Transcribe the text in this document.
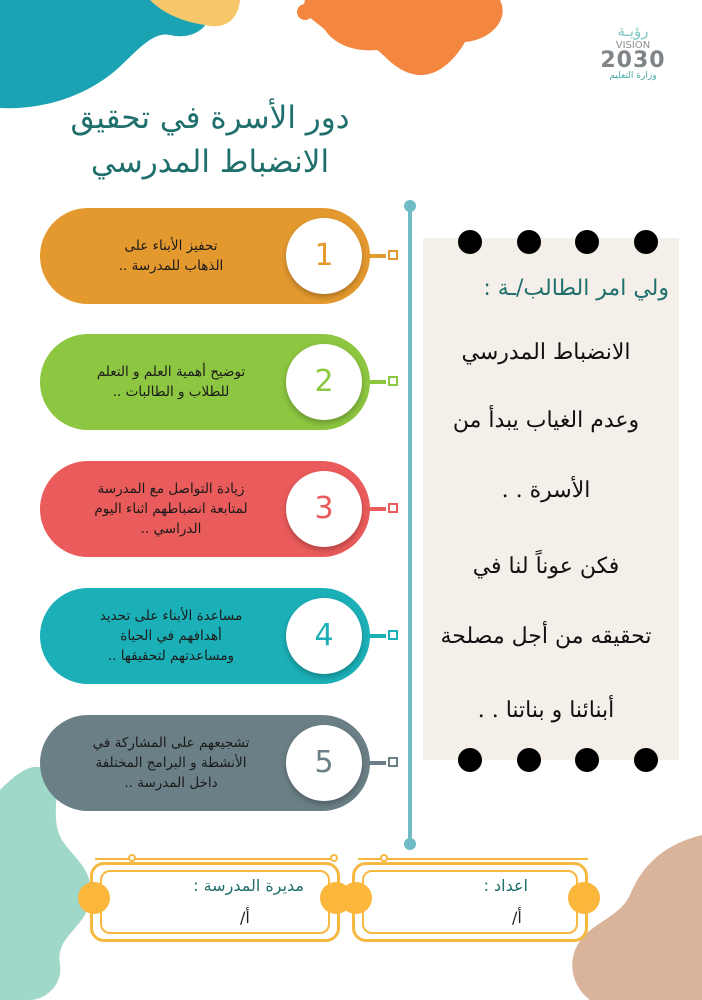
رؤيـة
VISION
2030
وزارة التعليم
دور الأسرة في تحقيق
الانضباط المدرسي
1
تحفيز الأبناء على
الذهاب للمدرسة ..
2
توضيح أهمية العلم و التعلم
للطلاب و الطالبات ..
3
زيادة التواصل مع المدرسة
لمتابعة انضباطهم اثناء اليوم
الدراسي ..
4
مساعدة الأبناء على تحديد
أهدافهم في الحياة
ومساعدتهم لتحقيقها ..
5
تشجيعهم على المشاركة في
الأنشطة و البرامج المختلفة
داخل المدرسة ..
ولي امر الطالب/ـة :
الانضباط المدرسي
وعدم الغياب يبدأ من
الأسرة . .
فكن عوناً لنا في
تحقيقه من أجل مصلحة
أبنائنا و بناتنا . .
مديرة المدرسة :
أ/
اعداد :
أ/
